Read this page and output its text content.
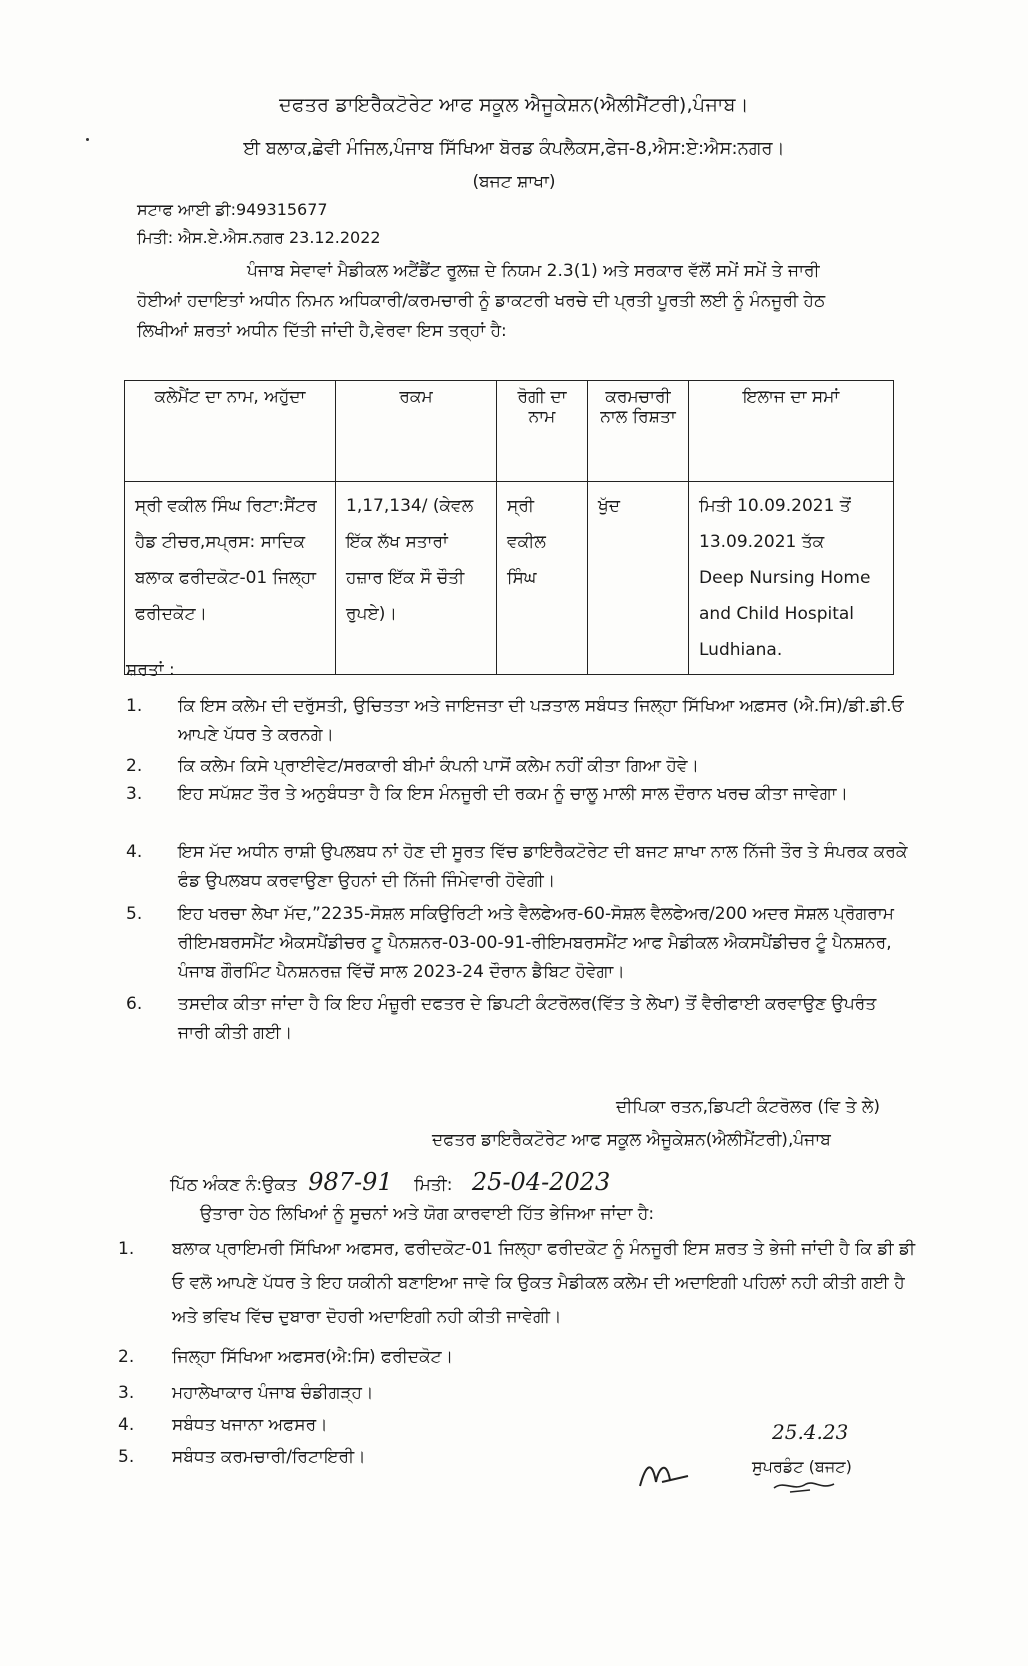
ਦਫਤਰ ਡਾਇਰੈਕਟੋਰੇਟ ਆਫ ਸਕੂਲ ਐਜੂਕੇਸ਼ਨ(ਐਲੀਮੈਂਟਰੀ),ਪੰਜਾਬ।
ਈ ਬਲਾਕ,ਛੇਵੀ ਮੰਜਿਲ,ਪੰਜਾਬ ਸਿੱਖਿਆ ਬੋਰਡ ਕੰਪਲੈਕਸ,ਫੇਜ-8,ਐਸ:ਏ:ਐਸ:ਨਗਰ।
(ਬਜਟ ਸ਼ਾਖਾ)
ਸਟਾਫ ਆਈ ਡੀ:949315677
ਮਿਤੀ: ਐਸ.ਏ.ਐਸ.ਨਗਰ 23.12.2022

ਪੰਜਾਬ ਸੇਵਾਵਾਂ ਮੈਡੀਕਲ ਅਟੈਂਡੈਂਟ ਰੂਲਜ਼ ਦੇ ਨਿਯਮ 2.3(1) ਅਤੇ ਸਰਕਾਰ ਵੱਲੋਂ ਸਮੇਂ ਸਮੇਂ ਤੇ ਜਾਰੀ

ਹੋਈਆਂ ਹਦਾਇਤਾਂ ਅਧੀਨ ਨਿਮਨ ਅਧਿਕਾਰੀ/ਕਰਮਚਾਰੀ ਨੂੰ ਡਾਕਟਰੀ ਖਰਚੇ ਦੀ ਪ੍ਰਤੀ ਪੂਰਤੀ ਲਈ ਨੂੰ ਮੰਨਜੂਰੀ ਹੇਠ

ਲਿਖੀਆਂ ਸ਼ਰਤਾਂ ਅਧੀਨ ਦਿੱਤੀ ਜਾਂਦੀ ਹੈ,ਵੇਰਵਾ ਇਸ ਤਰ੍ਹਾਂ ਹੈ:

ਕਲੇਮੈਂਟ ਦਾ ਨਾਮ, ਅਹੁੱਦਾ	ਰਕਮ	ਰੋਗੀ ਦਾ ਨਾਮ	ਕਰਮਚਾਰੀ ਨਾਲ ਰਿਸ਼ਤਾ	ਇਲਾਜ ਦਾ ਸਮਾਂ
ਸ੍ਰੀ ਵਕੀਲ ਸਿੰਘ ਰਿਟਾ:ਸੈਂਟਰ ਹੈਡ ਟੀਚਰ,ਸਪ੍ਰਸ: ਸਾਦਿਕ ਬਲਾਕ ਫਰੀਦਕੋਟ-01 ਜਿਲ੍ਹਾ ਫਰੀਦਕੋਟ।	1,17,134/ (ਕੇਵਲ ਇੱਕ ਲੱਖ ਸਤਾਰਾਂ ਹਜ਼ਾਰ ਇੱਕ ਸੌ ਚੌਤੀ ਰੁਪਏ)।	ਸ੍ਰੀ ਵਕੀਲ ਸਿੰਘ	ਖੁੱਦ	ਮਿਤੀ 10.09.2021 ਤੋਂ
13.09.2021 ਤੱਕ
Deep Nursing Home
and Child Hospital
Ludhiana.
ਸ਼ਰਤਾਂ :
1.	ਕਿ ਇਸ ਕਲੇਮ ਦੀ ਦਰੁੱਸਤੀ, ਉਚਿਤਤਾ ਅਤੇ ਜਾਇਜਤਾ ਦੀ ਪੜਤਾਲ ਸਬੰਧਤ ਜਿਲ੍ਹਾ ਸਿੱਖਿਆ ਅਫ਼ਸਰ (ਐ.ਸਿ)/ਡੀ.ਡੀ.ਓ ਆਪਣੇ ਪੱਧਰ ਤੇ ਕਰਨਗੇ।
2.	ਕਿ ਕਲੇਮ ਕਿਸੇ ਪ੍ਰਾਈਵੇਟ/ਸਰਕਾਰੀ ਬੀਮਾਂ ਕੰਪਨੀ ਪਾਸੋਂ ਕਲੇਮ ਨਹੀਂ ਕੀਤਾ ਗਿਆ ਹੋਵੇ।
3.	ਇਹ ਸਪੱਸ਼ਟ ਤੌਰ ਤੇ ਅਨੁਬੰਧਤਾ ਹੈ ਕਿ ਇਸ ਮੰਨਜੂਰੀ ਦੀ ਰਕਮ ਨੂੰ ਚਾਲੂ ਮਾਲੀ ਸਾਲ ਦੌਰਾਨ ਖਰਚ ਕੀਤਾ ਜਾਵੇਗਾ।
4.	ਇਸ ਮੱਦ ਅਧੀਨ ਰਾਸ਼ੀ ਉਪਲਬਧ ਨਾਂ ਹੋਣ ਦੀ ਸੂਰਤ ਵਿੱਚ ਡਾਇਰੈਕਟੋਰੇਟ ਦੀ ਬਜਟ ਸ਼ਾਖਾ ਨਾਲ ਨਿੱਜੀ ਤੌਰ ਤੇ ਸੰਪਰਕ ਕਰਕੇ ਫੰਡ ਉਪਲਬਧ ਕਰਵਾਉਣਾ ਉਹਨਾਂ ਦੀ ਨਿੱਜੀ ਜਿੰਮੇਵਾਰੀ ਹੋਵੇਗੀ।
5.	ਇਹ ਖਰਚਾ ਲੇਖਾ ਮੱਦ,”2235-ਸੋਸ਼ਲ ਸਕਿਉਰਿਟੀ ਅਤੇ ਵੈਲਫੇਅਰ-60-ਸੋਸ਼ਲ ਵੈਲਫੇਅਰ/200 ਅਦਰ ਸੋਸ਼ਲ ਪ੍ਰੋਗਰਾਮ ਰੀਇਮਬਰਸਮੈਂਟ ਐਕਸਪੈਂਡੀਚਰ ਟੂ ਪੈਨਸ਼ਨਰ-03-00-91-ਰੀਇਮਬਰਸਮੈਂਟ ਆਫ ਮੈਡੀਕਲ ਐਕਸਪੈਂਡੀਚਰ ਟੂੰ ਪੈਨਸ਼ਨਰ, ਪੰਜਾਬ ਗੌਰਮਿੰਟ ਪੈਨਸ਼ਨਰਜ਼ ਵਿੱਚੋਂ ਸਾਲ 2023-24 ਦੌਰਾਨ ਡੈਬਿਟ ਹੋਵੇਗਾ।
6.	ਤਸਦੀਕ ਕੀਤਾ ਜਾਂਦਾ ਹੈ ਕਿ ਇਹ ਮੰਜ਼ੂਰੀ ਦਫਤਰ ਦੇ ਡਿਪਟੀ ਕੰਟਰੋਲਰ(ਵਿੱਤ ਤੇ ਲੇਖਾ) ਤੋਂ ਵੈਰੀਫਾਈ ਕਰਵਾਉਣ ਉਪਰੰਤ ਜਾਰੀ ਕੀਤੀ ਗਈ।
ਦੀਪਿਕਾ ਰਤਨ,ਡਿਪਟੀ ਕੰਟਰੋਲਰ (ਵਿ ਤੇ ਲੇ)
ਦਫਤਰ ਡਾਇਰੈਕਟੋਰੇਟ ਆਫ ਸਕੂਲ ਐਜੂਕੇਸ਼ਨ(ਐਲੀਮੈਂਟਰੀ),ਪੰਜਾਬ
ਪਿੱਠ ਅੰਕਣ ਨੰ:ਉਕਤ 987-91 ਮਿਤੀ: 25-04-2023
ਉਤਾਰਾ ਹੇਠ ਲਿਖਿਆਂ ਨੂੰ ਸੂਚਨਾਂ ਅਤੇ ਯੋਗ ਕਾਰਵਾਈ ਹਿੱਤ ਭੇਜਿਆ ਜਾਂਦਾ ਹੈ:
1. ਬਲਾਕ ਪ੍ਰਾਇਮਰੀ ਸਿੱਖਿਆ ਅਫਸਰ, ਫਰੀਦਕੋਟ-01 ਜਿਲ੍ਹਾ ਫਰੀਦਕੋਟ ਨੂੰ ਮੰਨਜੂਰੀ ਇਸ ਸ਼ਰਤ ਤੇ ਭੇਜੀ ਜਾਂਦੀ ਹੈ ਕਿ ਡੀ ਡੀ ਓ ਵਲੋ ਆਪਣੇ ਪੱਧਰ ਤੇ ਇਹ ਯਕੀਨੀ ਬਣਾਇਆ ਜਾਵੇ ਕਿ ਉਕਤ ਮੈਡੀਕਲ ਕਲੇਮ ਦੀ ਅਦਾਇਗੀ ਪਹਿਲਾਂ ਨਹੀ ਕੀਤੀ ਗਈ ਹੈ ਅਤੇ ਭਵਿਖ ਵਿੱਚ ਦੁਬਾਰਾ ਦੋਹਰੀ ਅਦਾਇਗੀ ਨਹੀ ਕੀਤੀ ਜਾਵੇਗੀ।
2. ਜਿਲ੍ਹਾ ਸਿੱਖਿਆ ਅਫਸਰ(ਐ:ਸਿ) ਫਰੀਦਕੋਟ।
3. ਮਹਾਲੇਖਾਕਾਰ ਪੰਜਾਬ ਚੰਡੀਗੜ੍ਹ।
4. ਸਬੰਧਤ ਖਜਾਨਾ ਅਫਸਰ।
5. ਸਬੰਧਤ ਕਰਮਚਾਰੀ/ਰਿਟਾਇਰੀ।
25.4.23
ਸੁਪਰਡੰਟ (ਬਜਟ)
